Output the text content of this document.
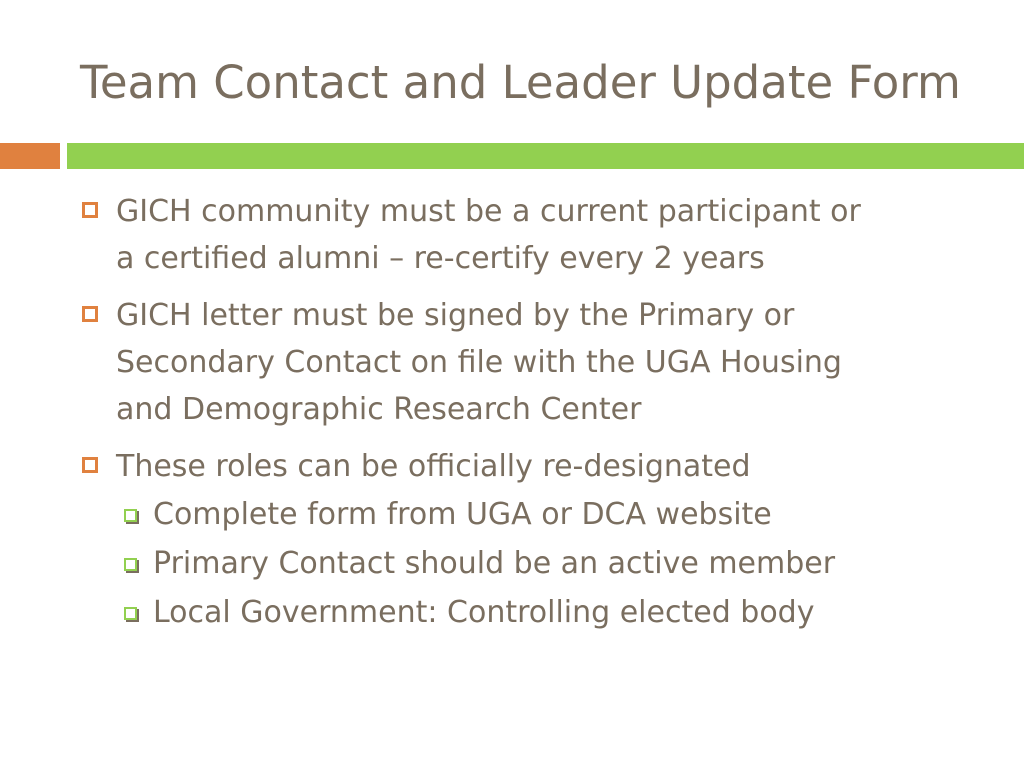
Team Contact and Leader Update Form
GICH community must be a current participant or
a certified alumni – re-certify every 2 years
GICH letter must be signed by the Primary or
Secondary Contact on file with the UGA Housing
and Demographic Research Center
These roles can be officially re-designated
Complete form from UGA or DCA website
Primary Contact should be an active member
Local Government: Controlling elected body
